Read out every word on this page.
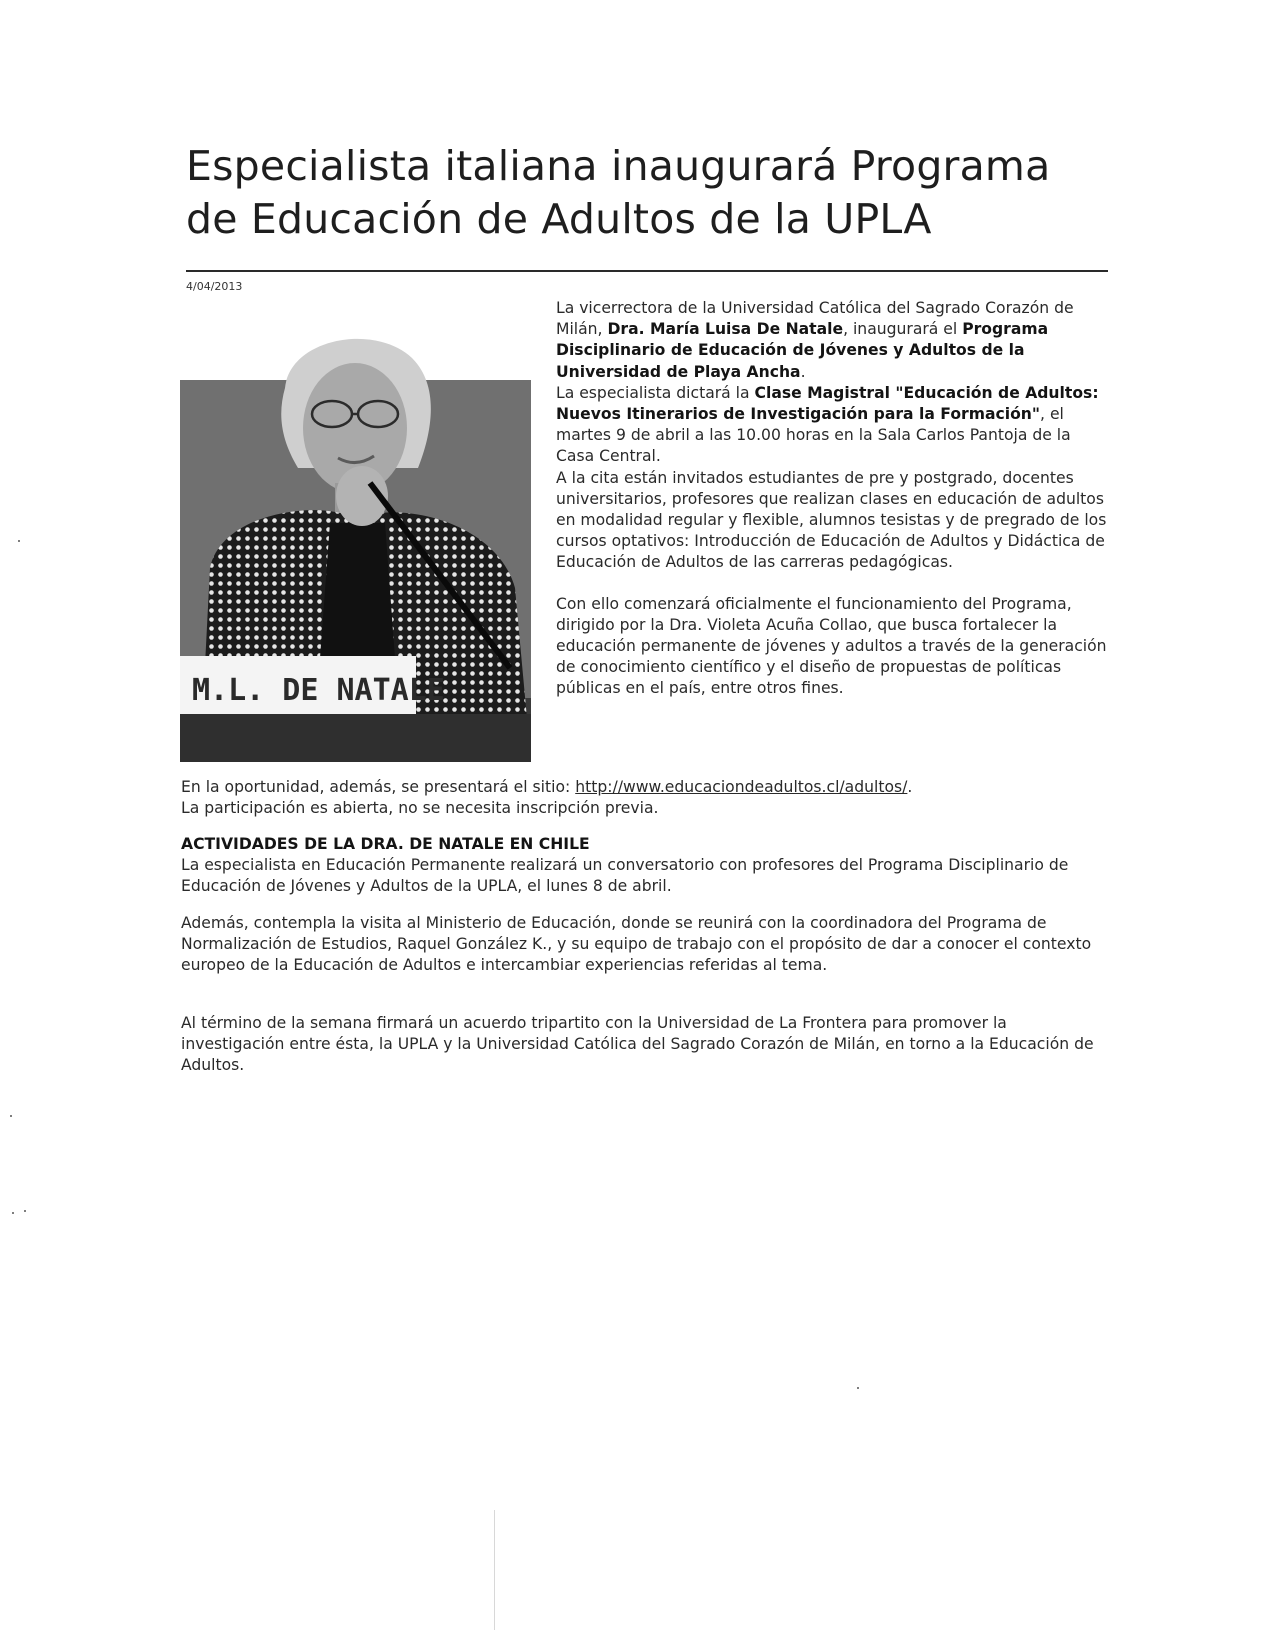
Especialista italiana inaugurará Programa de Educación de Adultos de la UPLA
4/04/2013
M.L. DE NATALE

La vicerrectora de la Universidad Católica del Sagrado Corazón de Milán, Dra. María Luisa De Natale, inaugurará el Programa Disciplinario de Educación de Jóvenes y Adultos de la Universidad de Playa Ancha.

La especialista dictará la Clase Magistral "Educación de Adultos: Nuevos Itinerarios de Investigación para la Formación", el martes 9 de abril a las 10.00 horas en la Sala Carlos Pantoja de la Casa Central.

A la cita están invitados estudiantes de pre y postgrado, docentes universitarios, profesores que realizan clases en educación de adultos en modalidad regular y flexible, alumnos tesistas y de pregrado de los cursos optativos: Introducción de Educación de Adultos y Didáctica de Educación de Adultos de las carreras pedagógicas.

Con ello comenzará oficialmente el funcionamiento del Programa, dirigido por la Dra. Violeta Acuña Collao, que busca fortalecer la educación permanente de jóvenes y adultos a través de la generación de conocimiento científico y el diseño de propuestas de políticas públicas en el país, entre otros fines.

En la oportunidad, además, se presentará el sitio: http://www.educaciondeadultos.cl/adultos/.

La participación es abierta, no se necesita inscripción previa.

ACTIVIDADES DE LA DRA. DE NATALE EN CHILE

La especialista en Educación Permanente realizará un conversatorio con profesores del Programa Disciplinario de Educación de Jóvenes y Adultos de la UPLA, el lunes 8 de abril.

Además, contempla la visita al Ministerio de Educación, donde se reunirá con la coordinadora del Programa de Normalización de Estudios, Raquel González K., y su equipo de trabajo con el propósito de dar a conocer el contexto europeo de la Educación de Adultos e intercambiar experiencias referidas al tema.

Al término de la semana firmará un acuerdo tripartito con la Universidad de La Frontera para promover la investigación entre ésta, la UPLA y la Universidad Católica del Sagrado Corazón de Milán, en torno a la Educación de Adultos.
